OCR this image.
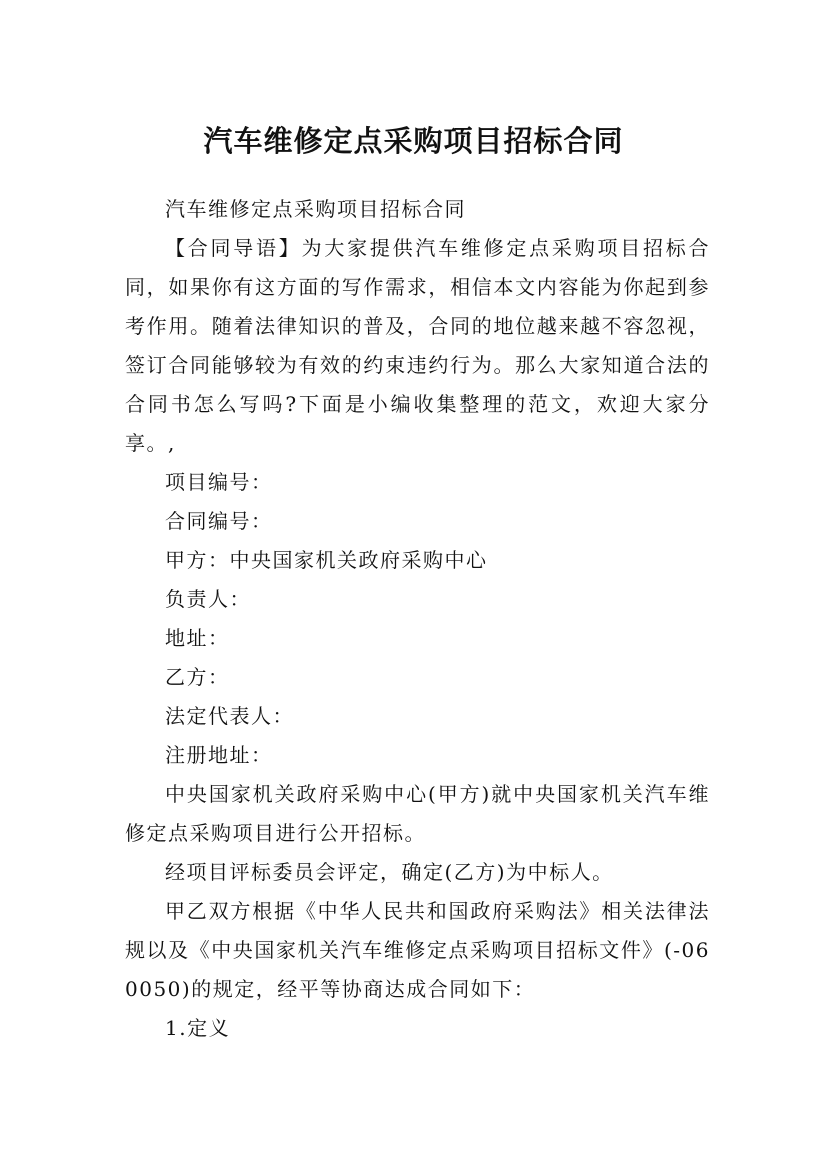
汽车维修定点采购项目招标合同

汽车维修定点采购项目招标合同

【合同导语】为大家提供汽车维修定点采购项目招标合同，如果你有这方面的写作需求，相信本文内容能为你起到参考作用。随着法律知识的普及，合同的地位越来越不容忽视，签订合同能够较为有效的约束违约行为。那么大家知道合法的合同书怎么写吗?下面是小编收集整理的范文，欢迎大家分享。,

项目编号：

合同编号：

甲方：中央国家机关政府采购中心

负责人：

地址：

乙方：

法定代表人：

注册地址：

中央国家机关政府采购中心(甲方)就中央国家机关汽车维修定点采购项目进行公开招标。

经项目评标委员会评定，确定(乙方)为中标人。

甲乙双方根据《中华人民共和国政府采购法》相关法律法规以及《中央国家机关汽车维修定点采购项目招标文件》(-060050)的规定，经平等协商达成合同如下：

1.定义
